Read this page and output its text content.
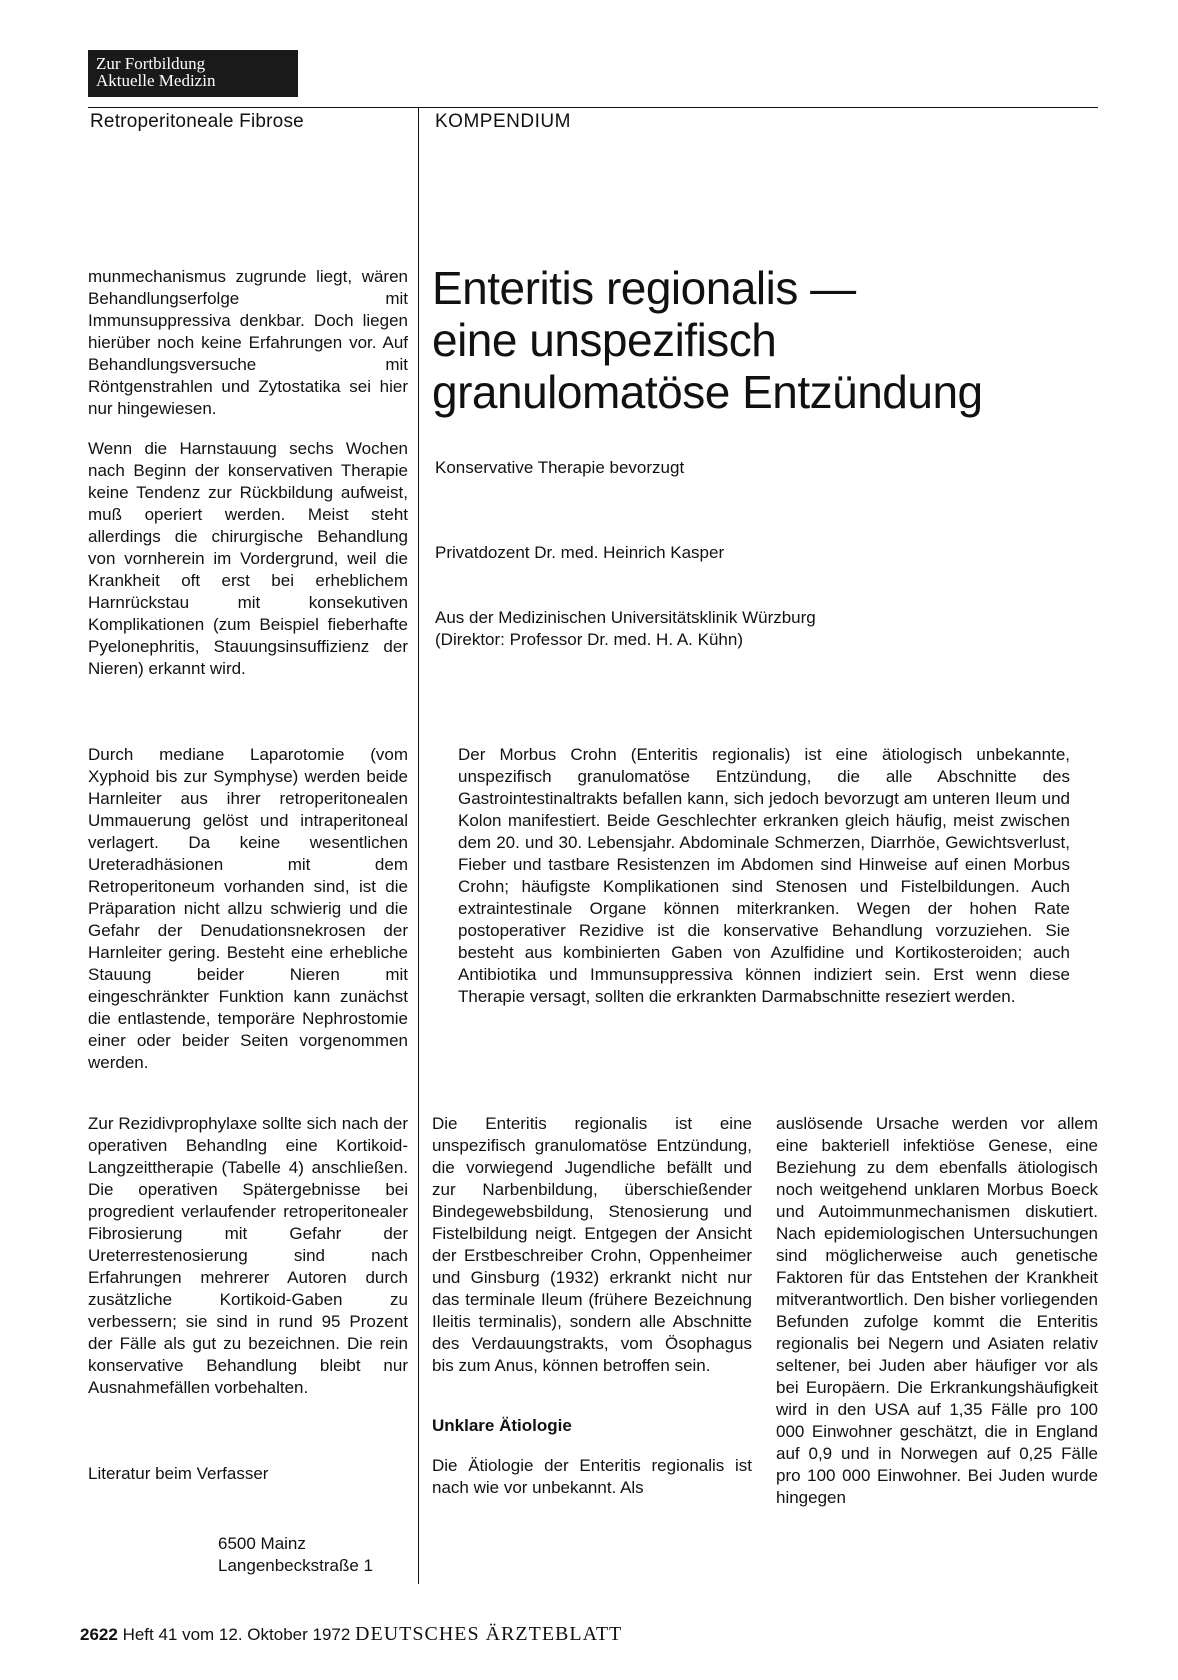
Zur Fortbildung
Aktuelle Medizin
Retroperitoneale Fibrose	KOMPENDIUM

munmechanismus zugrunde liegt, wären Behandlungserfolge mit Immunsuppressiva denkbar. Doch liegen hierüber noch keine Erfahrungen vor. Auf Behandlungsversuche mit Röntgenstrahlen und Zytostatika sei hier nur hingewiesen.

Wenn die Harnstauung sechs Wochen nach Beginn der konservativen Therapie keine Tendenz zur Rückbildung aufweist, muß operiert werden. Meist steht allerdings die chirurgische Behandlung von vornherein im Vordergrund, weil die Krankheit oft erst bei erheblichem Harnrückstau mit konsekutiven Komplikationen (zum Beispiel fieberhafte Pyelonephritis, Stauungsinsuffizienz der Nieren) erkannt wird.

Durch mediane Laparotomie (vom Xyphoid bis zur Symphyse) werden beide Harnleiter aus ihrer retroperitonealen Ummauerung gelöst und intraperitoneal verlagert. Da keine wesentlichen Ureteradhäsionen mit dem Retroperitoneum vorhanden sind, ist die Präparation nicht allzu schwierig und die Gefahr der Denudationsnekrosen der Harnleiter gering. Besteht eine erhebliche Stauung beider Nieren mit eingeschränkter Funktion kann zunächst die entlastende, temporäre Nephrostomie einer oder beider Seiten vorgenommen werden.

Zur Rezidivprophylaxe sollte sich nach der operativen Behandlng eine Kortikoid-Langzeittherapie (Tabelle 4) anschließen. Die operativen Spätergebnisse bei progredient verlaufender retroperitonealer Fibrosierung mit Gefahr der Ureterrestenosierung sind nach Erfahrungen mehrerer Autoren durch zusätzliche Kortikoid-Gaben zu verbessern; sie sind in rund 95 Prozent der Fälle als gut zu bezeichnen. Die rein konservative Behandlung bleibt nur Ausnahmefällen vorbehalten.

Literatur beim Verfasser

6500 Mainz

Langenbeckstraße 1

Enteritis regionalis —
eine unspezifisch
granulomatöse Entzündung
Konservative Therapie bevorzugt
Privatdozent Dr. med. Heinrich Kasper
Aus der Medizinischen Universitätsklinik Würzburg
(Direktor: Professor Dr. med. H. A. Kühn)

Der Morbus Crohn (Enteritis regionalis) ist eine ätiologisch unbekannte, unspezifisch granulomatöse Entzündung, die alle Abschnitte des Gastrointestinaltrakts befallen kann, sich jedoch bevorzugt am unteren Ileum und Kolon manifestiert. Beide Geschlechter erkranken gleich häufig, meist zwischen dem 20. und 30. Lebensjahr. Abdominale Schmerzen, Diarrhöe, Gewichtsverlust, Fieber und tastbare Resistenzen im Abdomen sind Hinweise auf einen Morbus Crohn; häufigste Komplikationen sind Stenosen und Fistelbildungen. Auch extraintestinale Organe können miterkranken. Wegen der hohen Rate postoperativer Rezidive ist die konservative Behandlung vorzuziehen. Sie besteht aus kombinierten Gaben von Azulfidine und Kortikosteroiden; auch Antibiotika und Immunsuppressiva können indiziert sein. Erst wenn diese Therapie versagt, sollten die erkrankten Darmabschnitte reseziert werden.

Die Enteritis regionalis ist eine unspezifisch granulomatöse Entzündung, die vorwiegend Jugendliche befällt und zur Narbenbildung, überschießender Bindegewebsbildung, Stenosierung und Fistelbildung neigt. Entgegen der Ansicht der Erstbeschreiber Crohn, Oppenheimer und Ginsburg (1932) erkrankt nicht nur das terminale Ileum (frühere Bezeichnung Ileitis terminalis), sondern alle Abschnitte des Verdauungstrakts, vom Ösophagus bis zum Anus, können betroffen sein.

Unklare Ätiologie

Die Ätiologie der Enteritis regionalis ist nach wie vor unbekannt. Als

auslösende Ursache werden vor allem eine bakteriell infektiöse Genese, eine Beziehung zu dem ebenfalls ätiologisch noch weitgehend unklaren Morbus Boeck und Autoimmunmechanismen diskutiert. Nach epidemiologischen Untersuchungen sind möglicherweise auch genetische Faktoren für das Entstehen der Krankheit mitverantwortlich. Den bisher vorliegenden Befunden zufolge kommt die Enteritis regionalis bei Negern und Asiaten relativ seltener, bei Juden aber häufiger vor als bei Europäern. Die Erkrankungshäufigkeit wird in den USA auf 1,35 Fälle pro 100 000 Einwohner geschätzt, die in England auf 0,9 und in Norwegen auf 0,25 Fälle pro 100 000 Einwohner. Bei Juden wurde hingegen

2622 Heft 41 vom 12. Oktober 1972 DEUTSCHES ÄRZTEBLATT
